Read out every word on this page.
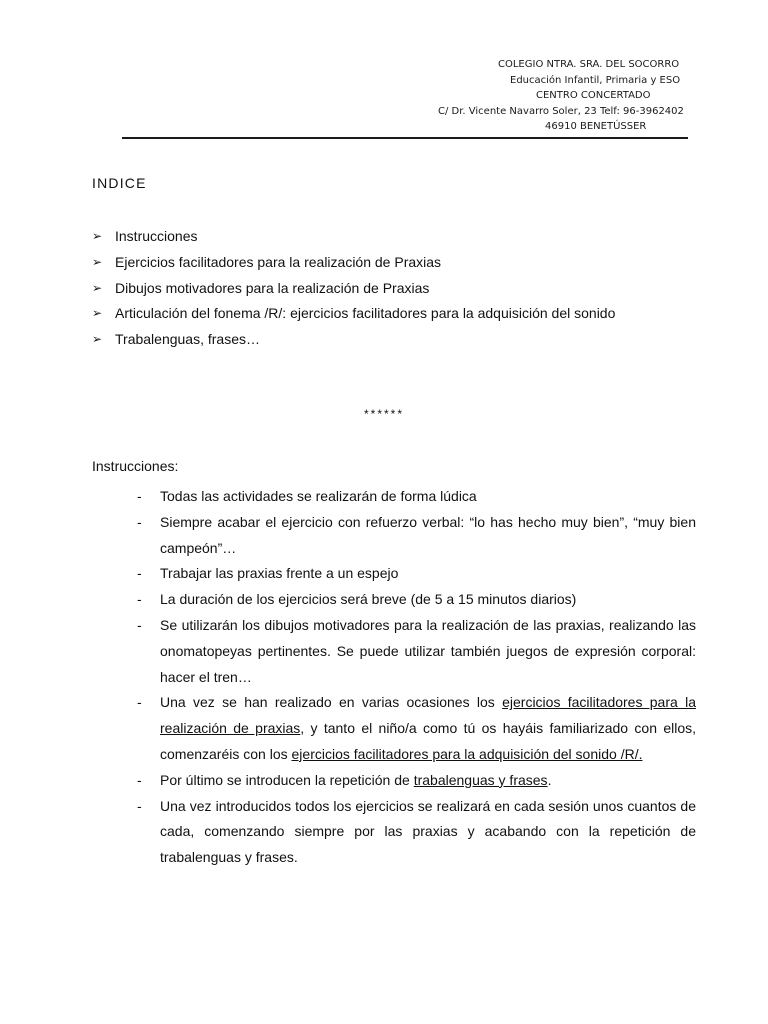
COLEGIO NTRA. SRA. DEL SOCORRO
Educación Infantil, Primaria y ESO
CENTRO CONCERTADO
C/ Dr. Vicente Navarro Soler, 23 Telf: 96-3962402
46910 BENETÚSSER
INDICE
➢ Instrucciones
➢ Ejercicios facilitadores para la realización de Praxias
➢ Dibujos motivadores para la realización de Praxias
➢ Articulación del fonema /R/: ejercicios facilitadores para la adquisición del sonido
➢ Trabalenguas, frases…
******
Instrucciones:
- Todas las actividades se realizarán de forma lúdica
- Siempre acabar el ejercicio con refuerzo verbal: “lo has hecho muy bien”, “muy bien campeón”…
- Trabajar las praxias frente a un espejo
- La duración de los ejercicios será breve (de 5 a 15 minutos diarios)
- Se utilizarán los dibujos motivadores para la realización de las praxias, realizando las onomatopeyas pertinentes. Se puede utilizar también juegos de expresión corporal: hacer el tren…
- Una vez se han realizado en varias ocasiones los ejercicios facilitadores para la realización de praxias, y tanto el niño/a como tú os hayáis familiarizado con ellos, comenzaréis con los ejercicios facilitadores para la adquisición del sonido /R/.
- Por último se introducen la repetición de trabalenguas y frases.
- Una vez introducidos todos los ejercicios se realizará en cada sesión unos cuantos de cada, comenzando siempre por las praxias y acabando con la repetición de trabalenguas y frases.
